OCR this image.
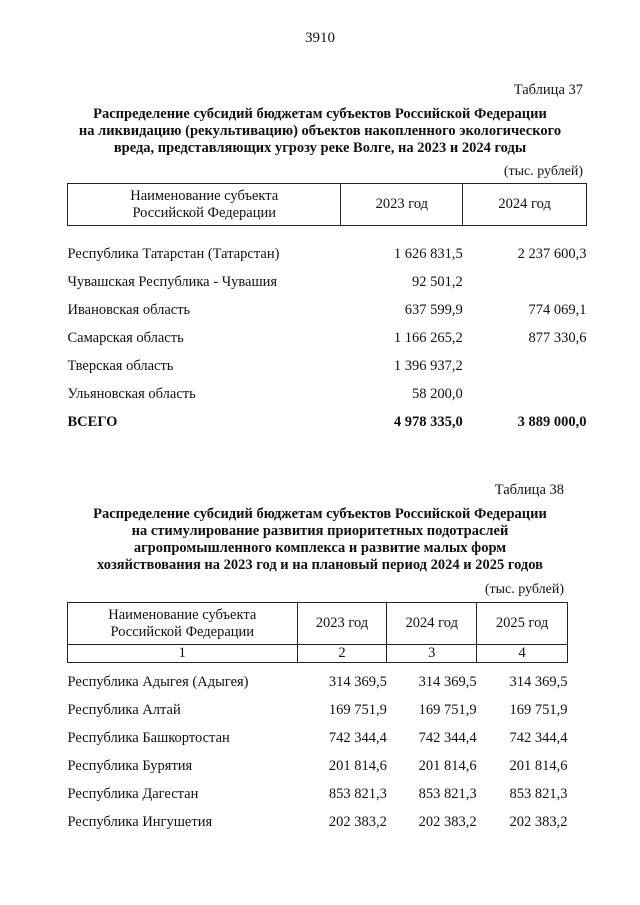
3910
Таблица 37
Распределение субсидий бюджетам субъектов Российской Федерации
на ликвидацию (рекультивацию) объектов накопленного экологического
вреда, представляющих угрозу реке Волге, на 2023 и 2024 годы
(тыс. рублей)
Наименование субъекта
Российской Федерации	2023 год	2024 год

Республика Татарстан (Татарстан)	1 626 831,5	2 237 600,3
Чувашская Республика - Чувашия	92 501,2	
Ивановская область	637 599,9	774 069,1
Самарская область	1 166 265,2	877 330,6
Тверская область	1 396 937,2	
Ульяновская область	58 200,0	
ВСЕГО	4 978 335,0	3 889 000,0
Таблица 38
Распределение субсидий бюджетам субъектов Российской Федерации
на стимулирование развития приоритетных подотраслей
агропромышленного комплекса и развитие малых форм
хозяйствования на 2023 год и на плановый период 2024 и 2025 годов
(тыс. рублей)
Наименование субъекта
Российской Федерации	2023 год	2024 год	2025 год
1	2	3	4

Республика Адыгея (Адыгея)	314 369,5	314 369,5	314 369,5
Республика Алтай	169 751,9	169 751,9	169 751,9
Республика Башкортостан	742 344,4	742 344,4	742 344,4
Республика Бурятия	201 814,6	201 814,6	201 814,6
Республика Дагестан	853 821,3	853 821,3	853 821,3
Республика Ингушетия	202 383,2	202 383,2	202 383,2
